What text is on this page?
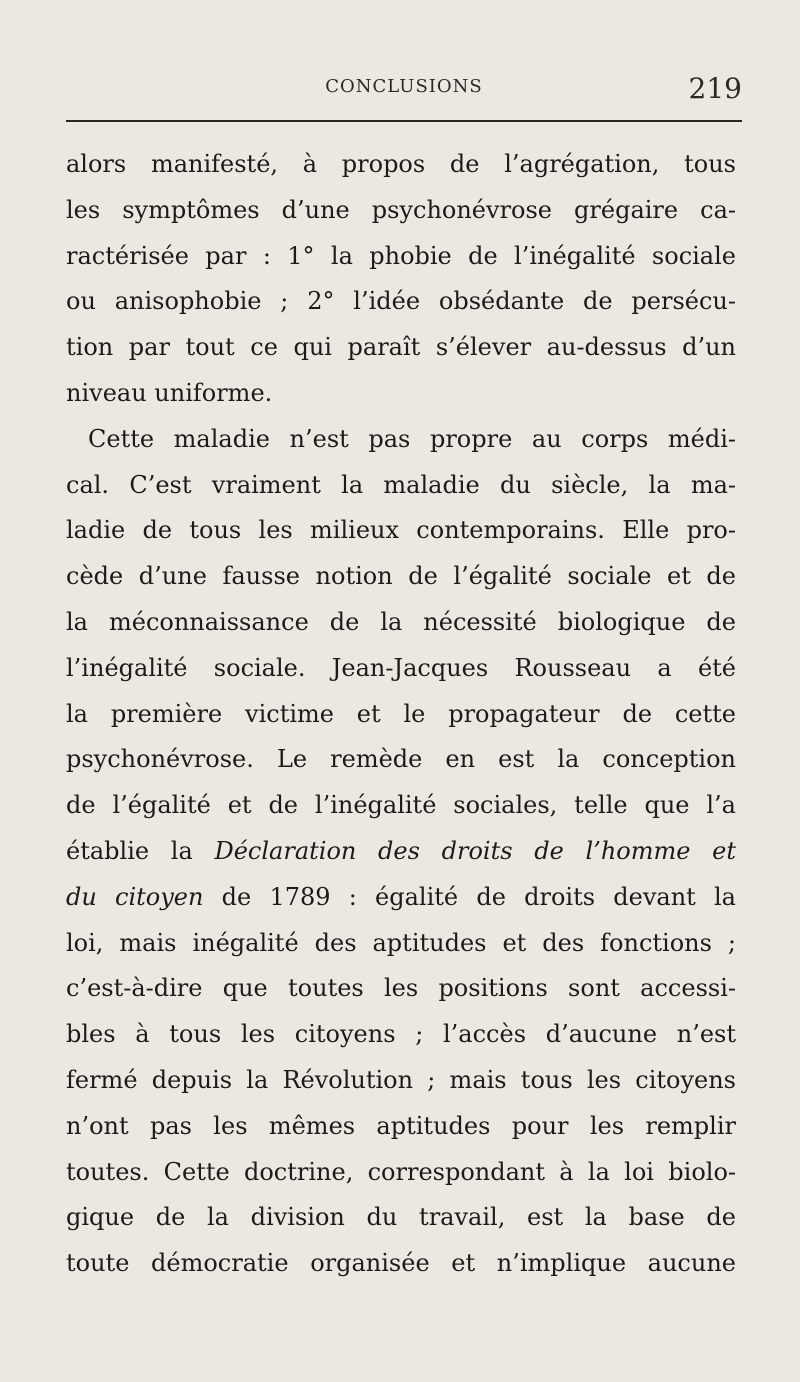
CONCLUSIONS	219
alors manifesté, à propos de l’agrégation, tous
les symptômes d’une psychonévrose grégaire ca-
ractérisée par : 1° la phobie de l’inégalité sociale
ou anisophobie ; 2° l’idée obsédante de persécu-
tion par tout ce qui paraît s’élever au-dessus d’un
niveau uniforme.
Cette maladie n’est pas propre au corps médi-
cal. C’est vraiment la maladie du siècle, la ma-
ladie de tous les milieux contemporains. Elle pro-
cède d’une fausse notion de l’égalité sociale et de
la méconnaissance de la nécessité biologique de
l’inégalité sociale. Jean-Jacques Rousseau a été
la première victime et le propagateur de cette
psychonévrose. Le remède en est la conception
de l’égalité et de l’inégalité sociales, telle que l’a
établie la Déclaration des droits de l’homme et
du citoyen de 1789 : égalité de droits devant la
loi, mais inégalité des aptitudes et des fonctions ;
c’est-à-dire que toutes les positions sont accessi-
bles à tous les citoyens ; l’accès d’aucune n’est
fermé depuis la Révolution ; mais tous les citoyens
n’ont pas les mêmes aptitudes pour les remplir
toutes. Cette doctrine, correspondant à la loi biolo-
gique de la division du travail, est la base de
toute démocratie organisée et n’implique aucune
